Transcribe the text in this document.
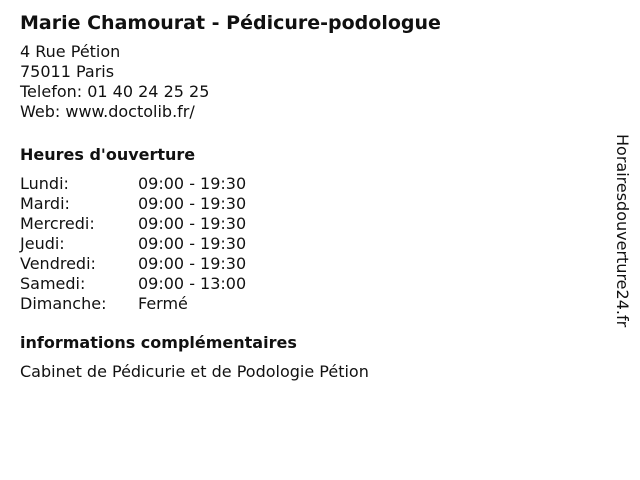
Marie Chamourat - Pédicure-podologue
4 Rue Pétion
75011 Paris
Telefon: 01 40 24 25 25
Web: www.doctolib.fr/
Heures d'ouverture
Lundi:	09:00 - 19:30
Mardi:	09:00 - 19:30
Mercredi:	09:00 - 19:30
Jeudi:	09:00 - 19:30
Vendredi:	09:00 - 19:30
Samedi:	09:00 - 13:00
Dimanche:	Fermé
informations complémentaires
Cabinet de Pédicurie et de Podologie Pétion
Horairesdouverture24.fr
